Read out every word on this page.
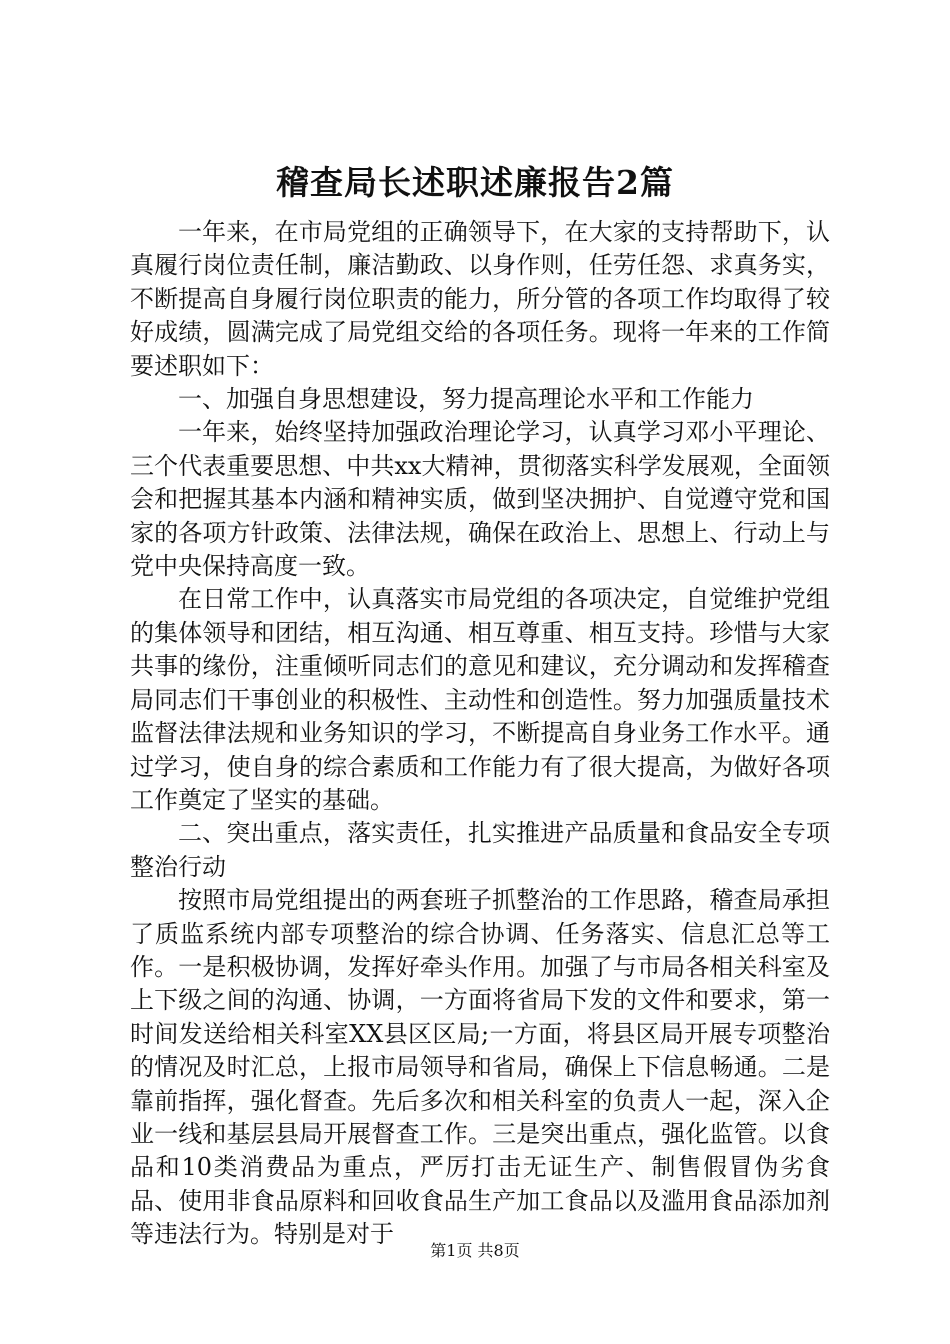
稽查局长述职述廉报告2篇

一年来，在市局党组的正确领导下，在大家的支持帮助下，认真履行岗位责任制，廉洁勤政、以身作则，任劳任怨、求真务实，不断提高自身履行岗位职责的能力，所分管的各项工作均取得了较好成绩，圆满完成了局党组交给的各项任务。现将一年来的工作简要述职如下：

一、加强自身思想建设，努力提高理论水平和工作能力

一年来，始终坚持加强政治理论学习，认真学习邓小平理论、三个代表重要思想、中共xx大精神，贯彻落实科学发展观，全面领会和把握其基本内涵和精神实质，做到坚决拥护、自觉遵守党和国家的各项方针政策、法律法规，确保在政治上、思想上、行动上与党中央保持高度一致。

在日常工作中，认真落实市局党组的各项决定，自觉维护党组的集体领导和团结，相互沟通、相互尊重、相互支持。珍惜与大家共事的缘份，注重倾听同志们的意见和建议，充分调动和发挥稽查局同志们干事创业的积极性、主动性和创造性。努力加强质量技术监督法律法规和业务知识的学习，不断提高自身业务工作水平。通过学习，使自身的综合素质和工作能力有了很大提高，为做好各项工作奠定了坚实的基础。

二、突出重点，落实责任，扎实推进产品质量和食品安全专项整治行动

按照市局党组提出的两套班子抓整治的工作思路，稽查局承担了质监系统内部专项整治的综合协调、任务落实、信息汇总等工作。一是积极协调，发挥好牵头作用。加强了与市局各相关科室及上下级之间的沟通、协调，一方面将省局下发的文件和要求，第一时间发送给相关科室XX县区区局;一方面，将县区局开展专项整治的情况及时汇总，上报市局领导和省局，确保上下信息畅通。二是靠前指挥，强化督查。先后多次和相关科室的负责人一起，深入企业一线和基层县局开展督查工作。三是突出重点，强化监管。以食品和10类消费品为重点，严厉打击无证生产、制售假冒伪劣食品、使用非食品原料和回收食品生产加工食品以及滥用食品添加剂等违法行为。特别是对于

第1页 共8页
